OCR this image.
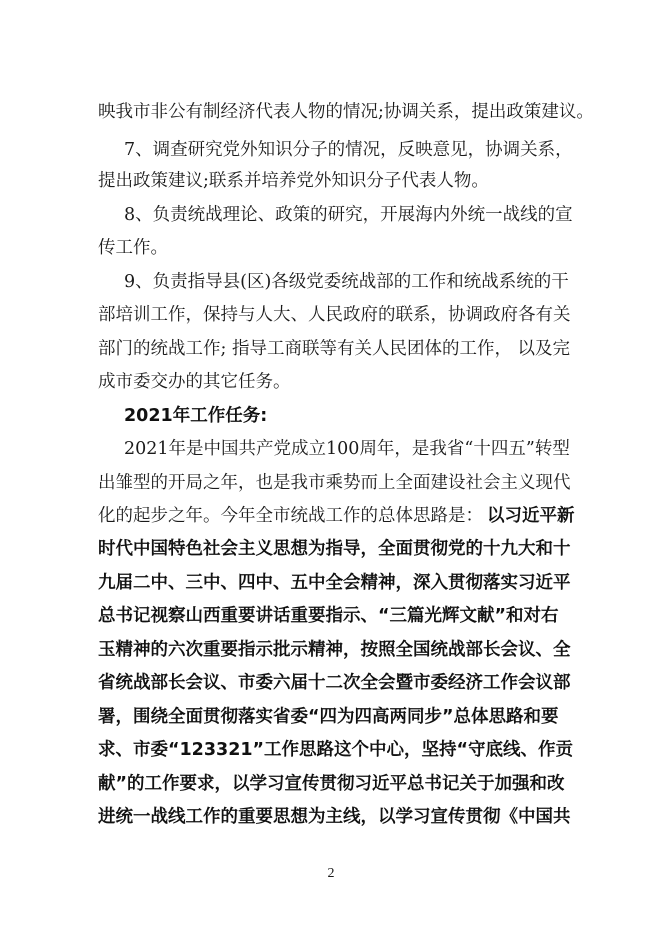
映我市非公有制经济代表人物的情况;协调关系，提出政策建议。
7、调查研究党外知识分子的情况，反映意见，协调关系，
提出政策建议;联系并培养党外知识分子代表人物。
8、负责统战理论、政策的研究，开展海内外统一战线的宣
传工作。
9、负责指导县(区)各级党委统战部的工作和统战系统的干
部培训工作，保持与人大、人民政府的联系，协调政府各有关
部门的统战工作; 指导工商联等有关人民团体的工作， 以及完
成市委交办的其它任务。
2021年工作任务:
2021年是中国共产党成立100周年，是我省“十四五”转型
出雏型的开局之年，也是我市乘势而上全面建设社会主义现代
化的起步之年。今年全市统战工作的总体思路是： 以习近平新
时代中国特色社会主义思想为指导，全面贯彻党的十九大和十
九届二中、三中、四中、五中全会精神，深入贯彻落实习近平
总书记视察山西重要讲话重要指示、“三篇光辉文献”和对右
玉精神的六次重要指示批示精神，按照全国统战部长会议、全
省统战部长会议、市委六届十二次全会暨市委经济工作会议部
署，围绕全面贯彻落实省委“四为四高两同步”总体思路和要
求、市委“123321”工作思路这个中心，坚持“守底线、作贡
献”的工作要求，以学习宣传贯彻习近平总书记关于加强和改
进统一战线工作的重要思想为主线，以学习宣传贯彻《中国共
2
